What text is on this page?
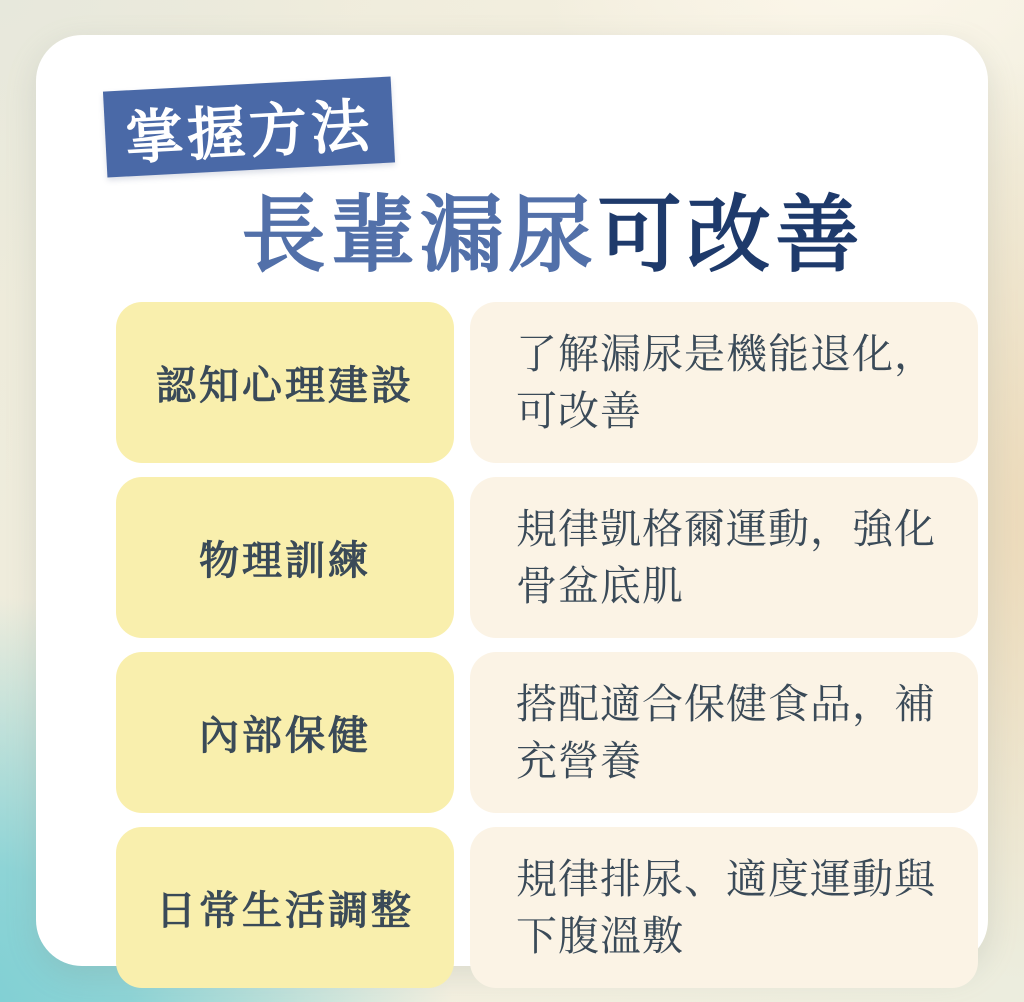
掌握方法
長輩漏尿可改善
認知心理建設
了解漏尿是機能退化，可改善
物理訓練
規律凱格爾運動，強化骨盆底肌
內部保健
搭配適合保健食品，補充營養
日常生活調整
規律排尿、適度運動與下腹溫敷
